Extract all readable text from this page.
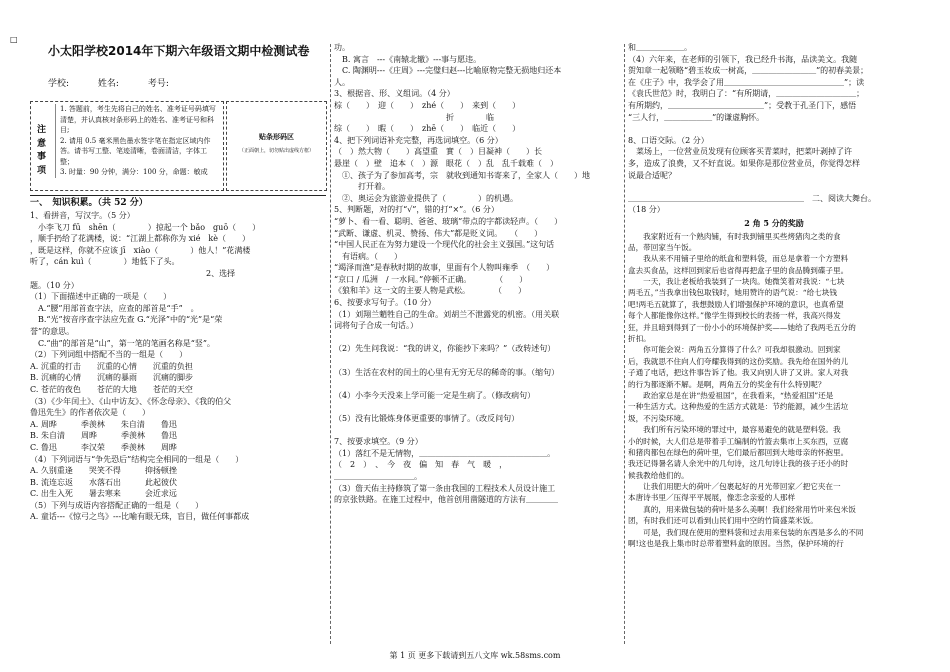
□
小太阳学校2014年下期六年级语文期中检测试卷
学校:	姓名:	考号:
注意事项
1. 答题前，考生先将自己的姓名、准考证号码填写清楚，并认真核对条形码上的姓名、准考证号和科目;
2. 请用 0.5 毫米黑色墨水签字笔在指定区域内作答。请书写工整、笔迹清晰，卷面清洁，字体工整；
3. 时量：90 分钟，满分：100 分，命题：敏成
贴条形码区
（正面朝上，切勿贴出虚线方框）
一、　知识积累。（共 52 分）
1、看拼音，写汉字。（5 分）
　小李飞刀 fū　shēn（　　　　）掠起一个 bǎo　guō（　　）
，顺手扔给了花满楼，说：“江湖上都称你为 xié　kè（　　）
，既是这样，你就不应该 jī　xiào（　　　　）他人！”花满楼
听了，cán kuì（　　　　）地低下了头。
　　　　　　　　　　　　　　　　　　　　　　2、选择
题。（10 分）
（1）下面描述中正确的一项是（　　）
　A.“腰”用部首查字法，应查的部首是“手”　。
　B.“光”按音序查字法应先查 G.“光泽”中的“光”是“荣
誉”的意思。
　C.“曲”的部首是“山”，第一笔的笔画名称是“竖”。
（2）下列词组中搭配不当的一组是（　　）
A. 沉重的打击　　沉重的心情　　沉重的负担
B. 沉痛的心情　　沉痛的暴雨　　沉痛的脚步
C. 苍茫的夜色　　苍茫的大地　　苍茫的天空
（3）《少年闰土》、《山中访友》、《怀念母亲》、《我的伯父
鲁迅先生》的作者依次是（　　）
A. 周晔　　　季羡林　　朱自清　　鲁迅
B. 朱自清　　周晔　　　季羡林　　鲁迅
C. 鲁迅　　　李汉荣　　季羡林　　周晔
（4）下列词语与“争先恐后”结构完全相同的一组是（　　）
A. 久别重逢　　哭笑不得　　　抑扬顿挫
B. 流连忘返　　水落石出　　　此起彼伏
C. 出生入死　　暑去寒来　　　会近求远
（5）下列与成语内容搭配正确的一组是（　　）
A. 童话---《惊弓之鸟》---比喻有眼无珠，盲目，做任何事都成
功。
　B. 寓言　---《南辕北辙》---事与愿违。
　C. 陶渊明---《庄周》---完璧归赵---比喻原物完整无损地归还本
人。
3、根据音、形、义组词。（4 分）
棕（　　）　迎（　　）　zhé（　　）　来到（　　）
　　　　　　　　　　　　　　折　　　　临
综（　　）　暇（　　）　zhē（　　）　临近（　　）
4、把下列词语补充完整，再选词填空。（6 分）
（　）然大物（　　）高望重　實（　）目凝神（　　）长
悬崖（　）壁　追本（　）源　眼花（　）乱　乱千载难（　）
　①、孩子为了参加高考，宗　就收到通知书寄来了，全家人（　　）地
　　　打开着。
　②、奥运会为旅游业提供了（　　　　）的机遇。
5、判断题，对的打“√”，错的打“×”。（6 分）
“萝卜、看一看、聪明、爸爸、玻璃”带点的字都读轻声。（　　）
“武断、谦虚、机灵、赞扬、伟大”都是贬义词。　　（　　）
“中国人民正在为努力建设一个现代化的社会主义强国。”这句话
　有语病。（　　）
“竭泽而渔”是春秋时期的故事，里面有个人物叫雍季　（　　）
“京口 / 瓜洲　/ 一水间。”停顿不正确。　　　　（　　）
《狼和羊》这一文的主要人物是武松。　　　　（　　）
6、按要求写句子。（10 分）
（1）刘翔兰魈牲自己的生命。刘胡兰不泄露党的机密。（用关联
词将句子合成一句话。）
（2）先生问我说：“我的讲义，你能抄下来吗？”（改转述句）
（3）生活在农村的闰土的心里有无穷无尽的稀奇的事。（缩句）
（4）小李今天没来上学可能一定是生病了。（修改病句）
（5）没有比锻炼身体更重要的事情了。（改反问句）
7、按要求填空。（9 分）
（1）落红不是无情物，＿＿＿＿＿＿＿＿＿＿＿＿＿＿＿＿。
（　2　）　、　今　夜　偏　知　春　气　暖　，
＿＿＿＿＿＿＿＿＿＿。
（3）詹天佑主持修筑了第一条由我国的工程技术人员设计施工
的京张铁路。在施工过程中，他首创用凿隧道的方法有＿＿＿＿
和＿＿＿＿＿＿。
（4）六年来，在老师的引领下，我已经升书海，品读美文。我随
贺知章一起领略“碧玉妆成一树高，＿＿＿＿＿＿＿＿”的初春美景；
在《庄子》中，我学会了用＿＿＿＿＿＿＿＿＿＿＿＿＿＿＿”；读
《袁氏世范》时，我明白了：“有所期请，＿＿＿＿＿＿＿＿＿＿；
有所期约，＿＿＿＿＿＿＿＿＿＿＿＿”；受教于孔圣门下，感悟
“三人行，＿＿＿＿＿＿”的谦虚胸怀。
8、口语交际。（2 分）
　菜场上，一位营业员发现有位顾客买青菜时，把菜叶剥掉了许
多，造成了浪费，又不好直说。如果你是那位营业员，你觉得怎样
说最合适呢？
＿＿＿＿＿＿＿＿＿＿＿＿＿＿＿＿＿＿＿＿＿＿　二、阅读大舞台。
（18 分）
2 角 5 分的奖励
　　我家附近有一个熟肉铺，有时我到铺里买些烤猪肉之类的食
品，带回家当午饭。
　　我从来不用铺子里给的纸盒和塑料袋，而总是拿着一个方塑料
盒去买食品，这样回到家后也省得再把盒子里的食品腾到碟子里。
　　一天，我让老板给我装到了一块肉。她微笑着对我说：“七块
两毛五，”当我拿出钱包取钱时，她用赞许的语气说：“给七块钱
吧!两毛五就算了，我想鼓励人们增强保护环境的意识，也真希望
每个人都能像你这样。”像学生得到校长的表扬一样，我高兴得发
狂，并且暗到得到了一份小小的环境保护奖——她给了我两毛五分的
折扣。
　　你可能会说：两角五分算得了什么？可我却很激动。回到家
后，我就思不住向人们夸耀我得到的这份奖励。我先给在国外的儿
子通了电话，把这件事告诉了他。我又向别人讲了又讲。家人对我
的行为都逐渐不解。是啊，两角五分的奖金有什么特别呢？
　　政治家总是在讲“热爱祖国”，在我看来，“热爱祖国”还是
一种生活方式。这种热爱的生活方式就是：节约能源，减少生活垃
圾，不污染环境。
　　我们所有污染环境的罪过中，最容易避免的就是塑料袋。我
小的时候，大人们总是带着手工编制的竹篮去集市上买东西，豆腐
和猪肉都包在绿色的荷叶里，它们最后都回到大地母亲的怀抱里。
我还记得暑名请人余光中的几句诗，这几句诗让我的孩子还小的时
候我教给他们的。
　　让我们用肥大的荷叶／包裹起好的月光带回家／把它夹在一
本唐诗书里／压得平平展展，像恋念亲爱的人那样
　　真的，用来做包装的荷叶是多么美啊！我们经常用竹叶来包米饭
团，有时我们还可以看到山民们用中空的竹筒盛菜米饭。
　　可是，我们现在使用的塑料袋和过去用来包装的东西是多么的不同
啊!这也是我上集市时总带着塑料盒的原因。当然，保护环境的行
第 1 页 更多下载请到五八文库 wk.58sms.com
